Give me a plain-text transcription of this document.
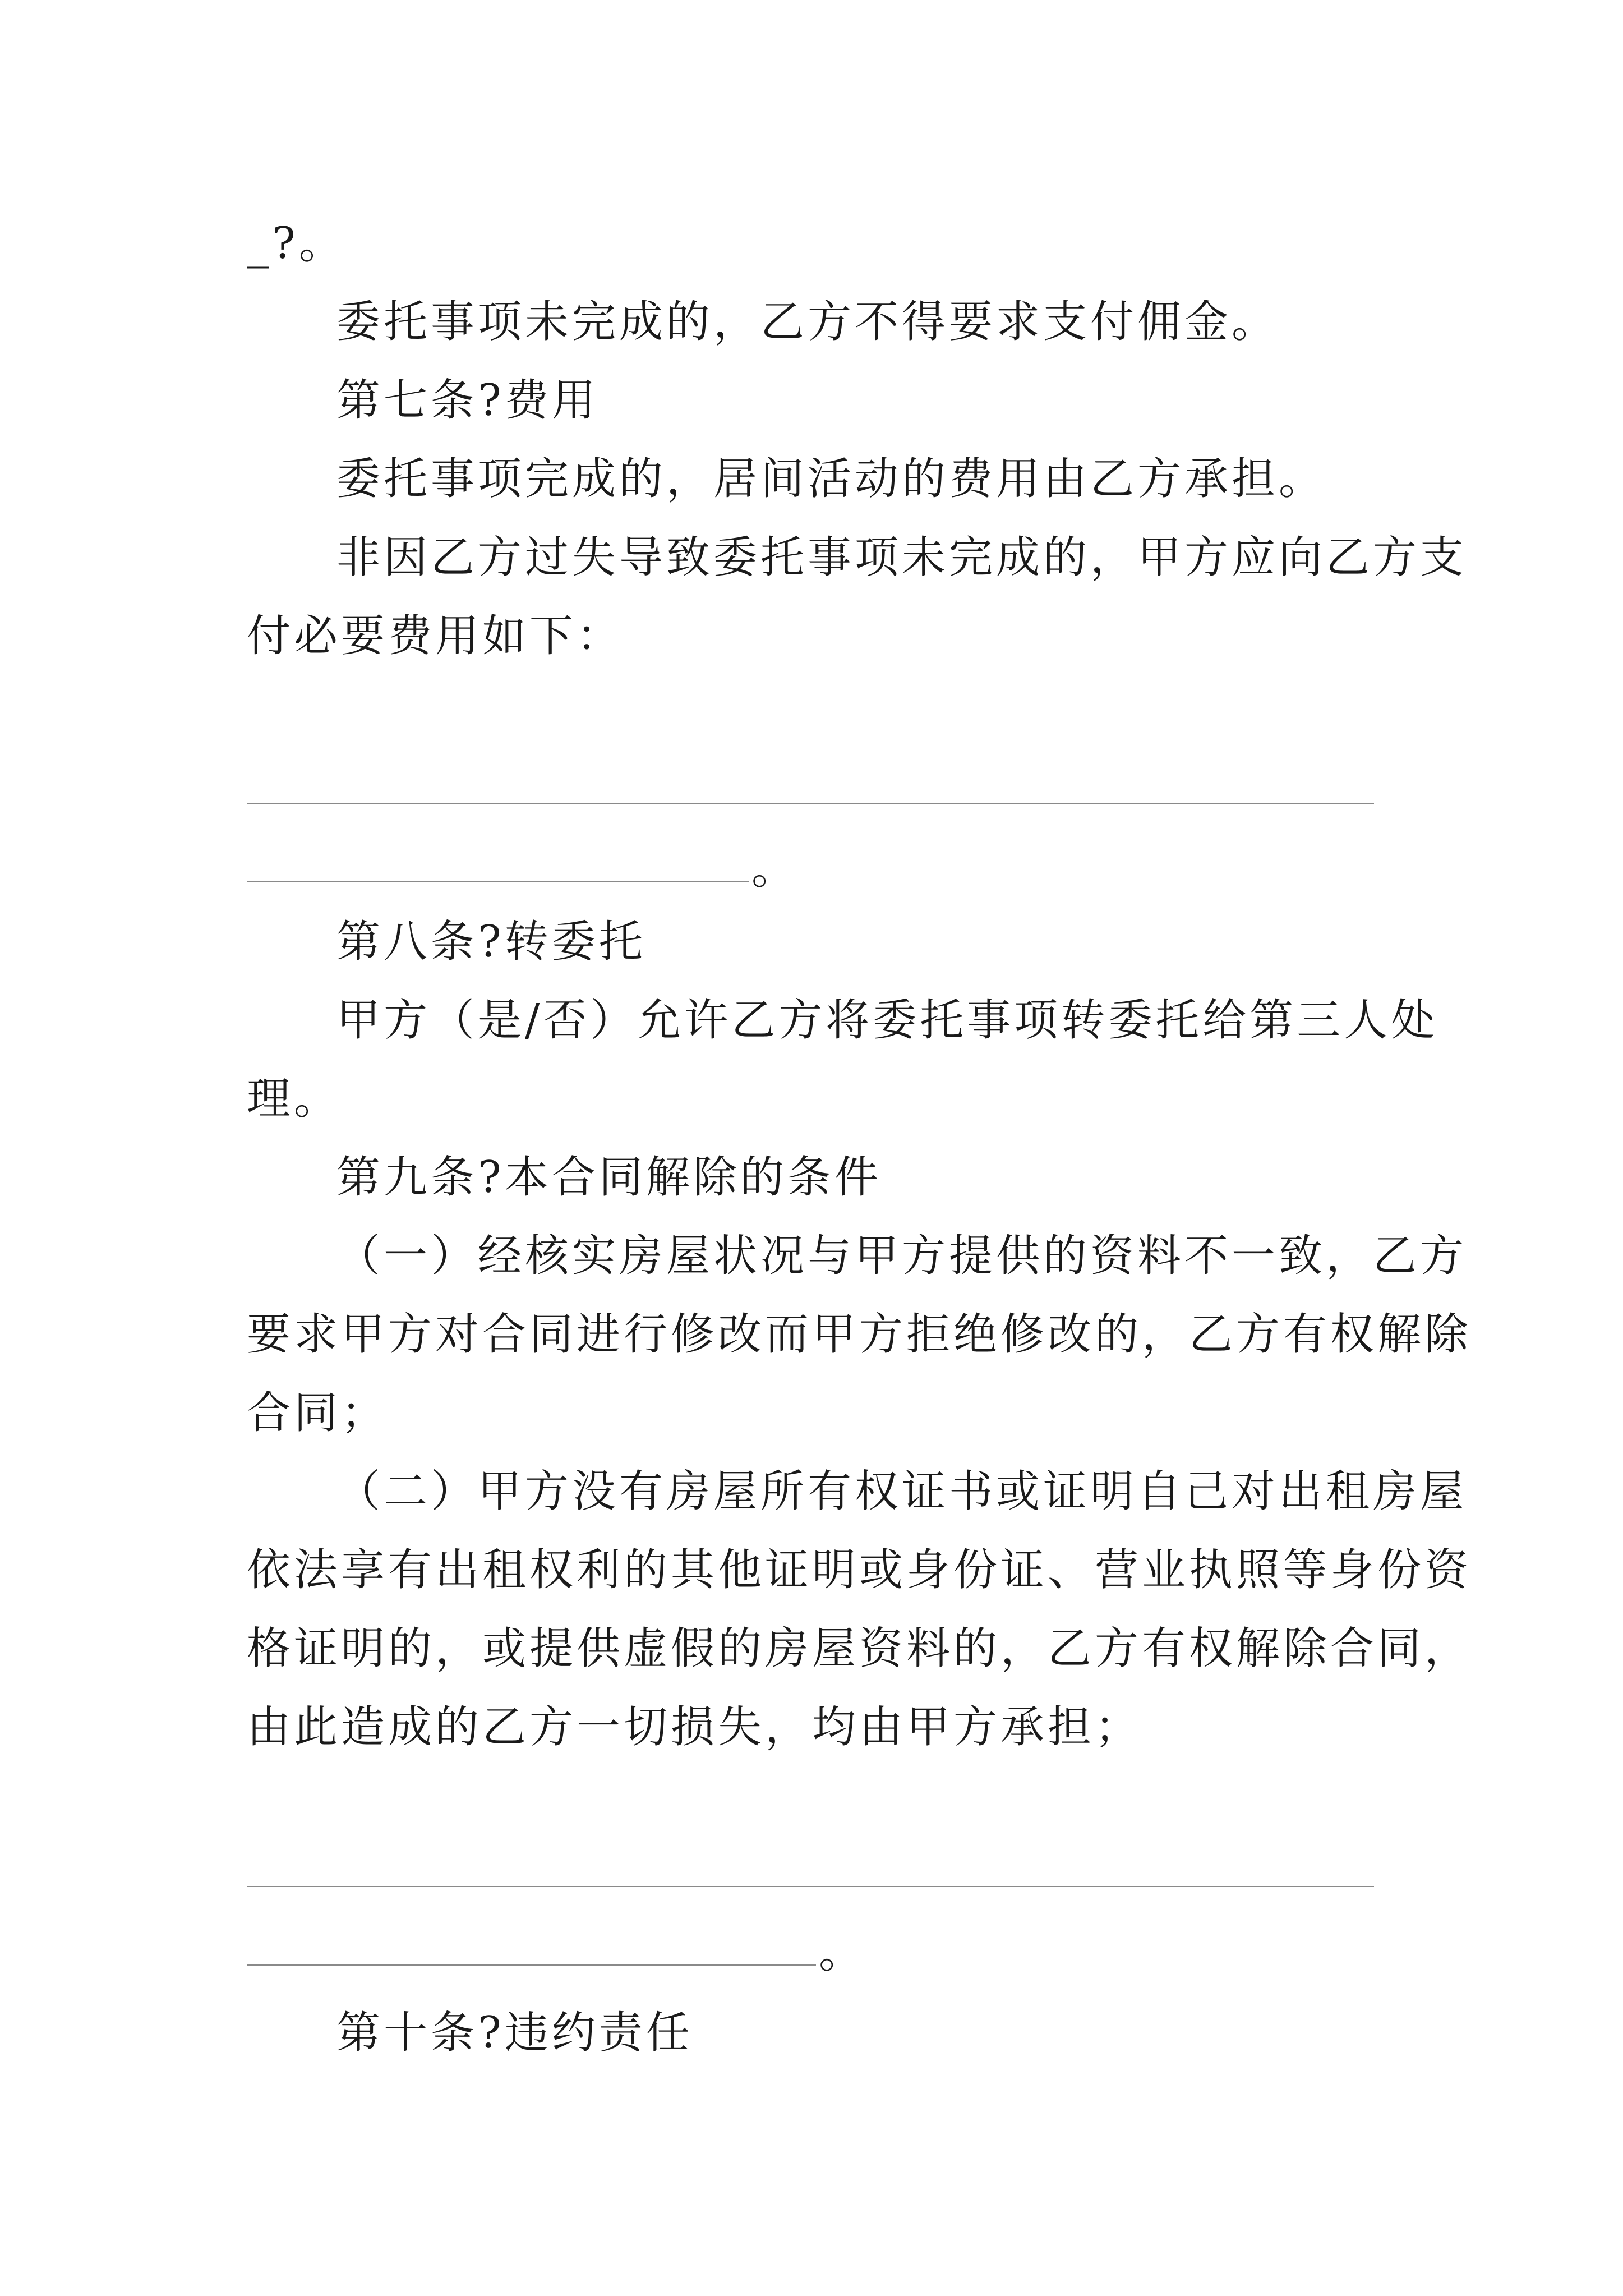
_?。
委托事项未完成的，乙方不得要求支付佣金。
第七条?费用
委托事项完成的，居间活动的费用由乙方承担。
非因乙方过失导致委托事项未完成的，甲方应向乙方支
付必要费用如下：
。
第八条?转委托
甲方（是/否）允许乙方将委托事项转委托给第三人处
理。
第九条?本合同解除的条件
（一）经核实房屋状况与甲方提供的资料不一致，乙方
要求甲方对合同进行修改而甲方拒绝修改的，乙方有权解除
合同；
（二）甲方没有房屋所有权证书或证明自己对出租房屋
依法享有出租权利的其他证明或身份证、营业执照等身份资
格证明的，或提供虚假的房屋资料的，乙方有权解除合同，
由此造成的乙方一切损失，均由甲方承担；
。
第十条?违约责任
